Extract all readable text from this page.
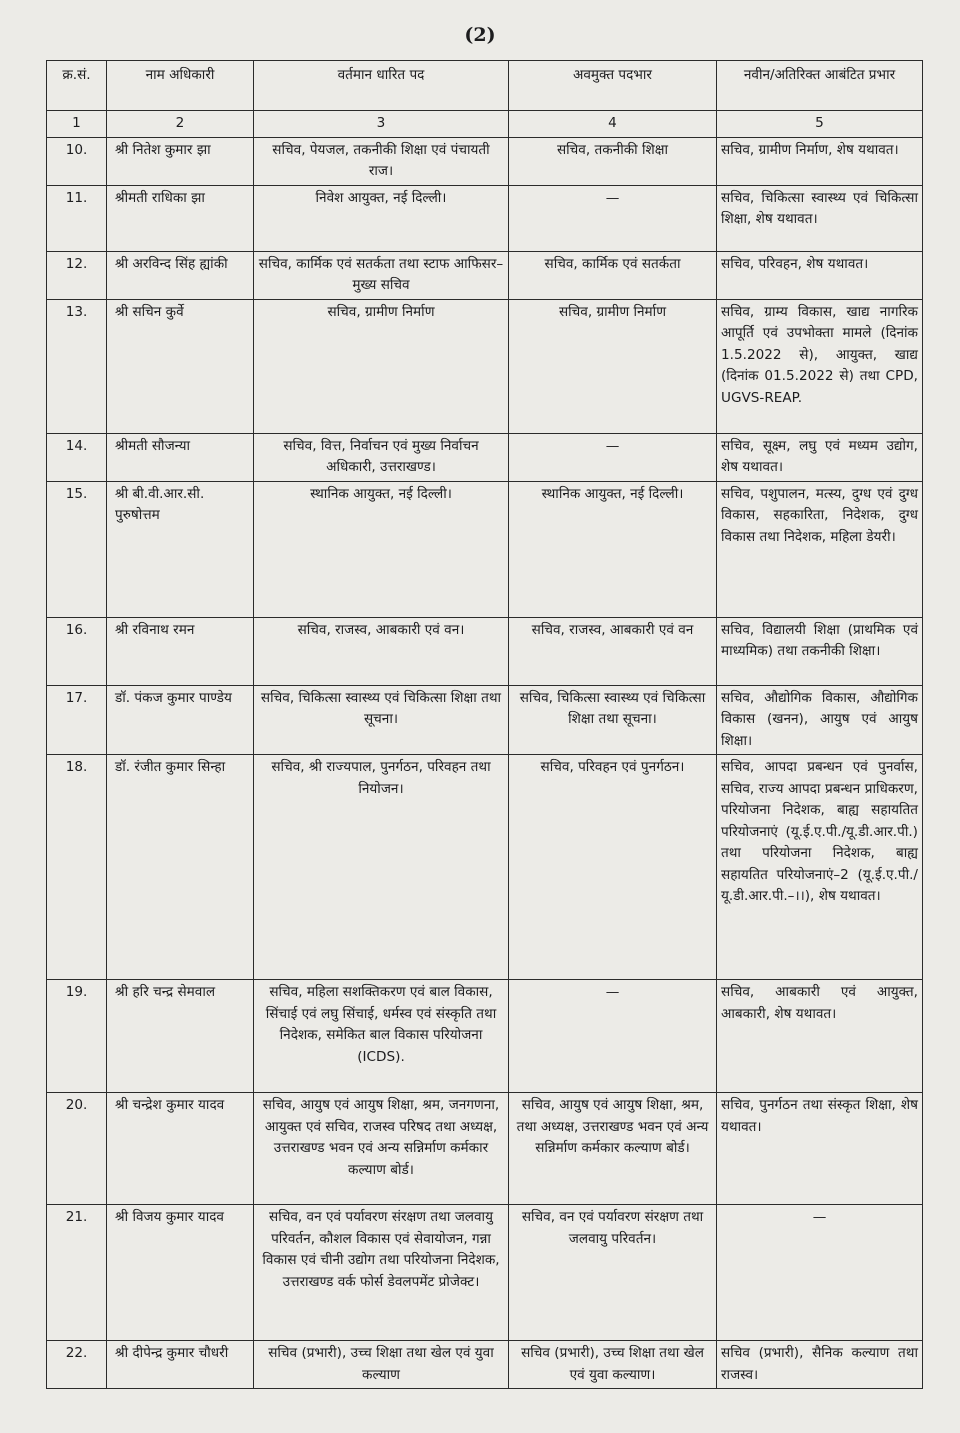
(2)
क्र.सं.	नाम अधिकारी	वर्तमान धारित पद	अवमुक्त पदभार	नवीन/अतिरिक्त आबंटित प्रभार
1	2	3	4	5
10.	श्री नितेश कुमार झा	सचिव, पेयजल, तकनीकी शिक्षा एवं पंचायती राज।	सचिव, तकनीकी शिक्षा	सचिव, ग्रामीण निर्माण, शेष यथावत।
11.	श्रीमती राधिका झा	निवेश आयुक्त, नई दिल्ली।	—	सचिव, चिकित्सा स्वास्थ्य एवं चिकित्सा शिक्षा, शेष यथावत।
12.	श्री अरविन्द सिंह ह्यांकी	सचिव, कार्मिक एवं सतर्कता तथा स्टाफ आफिसर–मुख्य सचिव	सचिव, कार्मिक एवं सतर्कता	सचिव, परिवहन, शेष यथावत।
13.	श्री सचिन कुर्वे	सचिव, ग्रामीण निर्माण	सचिव, ग्रामीण निर्माण	सचिव, ग्राम्य विकास, खाद्य नागरिक आपूर्ति एवं उपभोक्ता मामले (दिनांक 1.5.2022 से), आयुक्त, खाद्य (दिनांक 01.5.2022 से) तथा CPD, UGVS-REAP.
14.	श्रीमती सौजन्या	सचिव, वित्त, निर्वाचन एवं मुख्य निर्वाचन अधिकारी, उत्तराखण्ड।	—	सचिव, सूक्ष्म, लघु एवं मध्यम उद्योग, शेष यथावत।
15.	श्री बी.वी.आर.सी. पुरुषोत्तम	स्थानिक आयुक्त, नई दिल्ली।	स्थानिक आयुक्त, नई दिल्ली।	सचिव, पशुपालन, मत्स्य, दुग्ध एवं दुग्ध विकास, सहकारिता, निदेशक, दुग्ध विकास तथा निदेशक, महिला डेयरी।
16.	श्री रविनाथ रमन	सचिव, राजस्व, आबकारी एवं वन।	सचिव, राजस्व, आबकारी एवं वन	सचिव, विद्यालयी शिक्षा (प्राथमिक एवं माध्यमिक) तथा तकनीकी शिक्षा।
17.	डॉ. पंकज कुमार पाण्डेय	सचिव, चिकित्सा स्वास्थ्य एवं चिकित्सा शिक्षा तथा सूचना।	सचिव, चिकित्सा स्वास्थ्य एवं चिकित्सा शिक्षा तथा सूचना।	सचिव, औद्योगिक विकास, औद्योगिक विकास (खनन), आयुष एवं आयुष शिक्षा।
18.	डॉ. रंजीत कुमार सिन्हा	सचिव, श्री राज्यपाल, पुनर्गठन, परिवहन तथा नियोजन।	सचिव, परिवहन एवं पुनर्गठन।	सचिव, आपदा प्रबन्धन एवं पुनर्वास, सचिव, राज्य आपदा प्रबन्धन प्राधिकरण, परियोजना निदेशक, बाह्य सहायतित परियोजनाएं (यू.ई.ए.पी./यू.डी.आर.पी.) तथा परियोजना निदेशक, बाह्य सहायतित परियोजनाएं–2 (यू.ई.ए.पी./यू.डी.आर.पी.–।।), शेष यथावत।
19.	श्री हरि चन्द्र सेमवाल	सचिव, महिला सशक्तिकरण एवं बाल विकास, सिंचाई एवं लघु सिंचाई, धर्मस्व एवं संस्कृति तथा निदेशक, समेकित बाल विकास परियोजना (ICDS).	—	सचिव, आबकारी एवं आयुक्त, आबकारी, शेष यथावत।
20.	श्री चन्द्रेश कुमार यादव	सचिव, आयुष एवं आयुष शिक्षा, श्रम, जनगणना, आयुक्त एवं सचिव, राजस्व परिषद तथा अध्यक्ष, उत्तराखण्ड भवन एवं अन्य सन्निर्माण कर्मकार कल्याण बोर्ड।	सचिव, आयुष एवं आयुष शिक्षा, श्रम, तथा अध्यक्ष, उत्तराखण्ड भवन एवं अन्य सन्निर्माण कर्मकार कल्याण बोर्ड।	सचिव, पुनर्गठन तथा संस्कृत शिक्षा, शेष यथावत।
21.	श्री विजय कुमार यादव	सचिव, वन एवं पर्यावरण संरक्षण तथा जलवायु परिवर्तन, कौशल विकास एवं सेवायोजन, गन्ना विकास एवं चीनी उद्योग तथा परियोजना निदेशक, उत्तराखण्ड वर्क फोर्स डेवलपमेंट प्रोजेक्ट।	सचिव, वन एवं पर्यावरण संरक्षण तथा जलवायु परिवर्तन।	—
22.	श्री दीपेन्द्र कुमार चौधरी	सचिव (प्रभारी), उच्च शिक्षा तथा खेल एवं युवा कल्याण	सचिव (प्रभारी), उच्च शिक्षा तथा खेल एवं युवा कल्याण।	सचिव (प्रभारी), सैनिक कल्याण तथा राजस्व।
